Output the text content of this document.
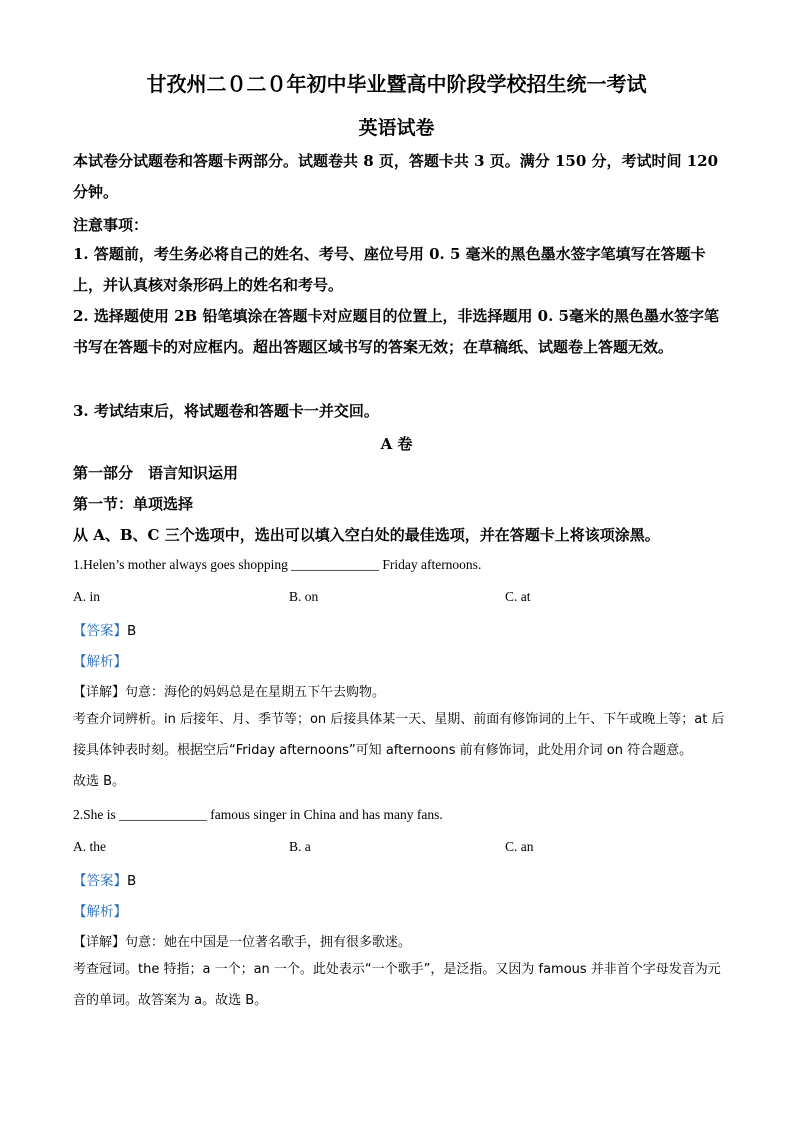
甘孜州二０二０年初中毕业暨高中阶段学校招生统一考试
英语试卷

本试卷分试题卷和答题卡两部分。试题卷共 8 页，答题卡共 3 页。满分 150 分，考试时间 120 分钟。

注意事项：

1. 答题前，考生务必将自己的姓名、考号、座位号用 0. 5 毫米的黑色墨水签字笔填写在答题卡上，并认真核对条形码上的姓名和考号。

2. 选择题使用 2B 铅笔填涂在答题卡对应题目的位置上，非选择题用 0. 5毫米的黑色墨水签字笔书写在答题卡的对应框内。超出答题区域书写的答案无效；在草稿纸、试题卷上答题无效。

3. 考试结束后，将试题卷和答题卡一并交回。

A 卷

第一部分　语言知识运用

第一节：单项选择

从 A、B、C 三个选项中，选出可以填入空白处的最佳选项，并在答题卡上将该项涂黑。

1.Helen’s mother always goes shopping _____________ Friday afternoons.

A. in	B. on	C. at

【答案】B

【解析】

【详解】句意：海伦的妈妈总是在星期五下午去购物。

考查介词辨析。in 后接年、月、季节等；on 后接具体某一天、星期、前面有修饰词的上午、下午或晚上等；at 后接具体钟表时刻。根据空后“Friday afternoons”可知 afternoons 前有修饰词，此处用介词 on 符合题意。

故选 B。

2.She is _____________ famous singer in China and has many fans.

A. the	B. a	C. an

【答案】B

【解析】

【详解】句意：她在中国是一位著名歌手，拥有很多歌迷。

考查冠词。the 特指；a 一个；an 一个。此处表示“一个歌手”，是泛指。又因为 famous 并非首个字母发音为元音的单词。故答案为 a。故选 B。
